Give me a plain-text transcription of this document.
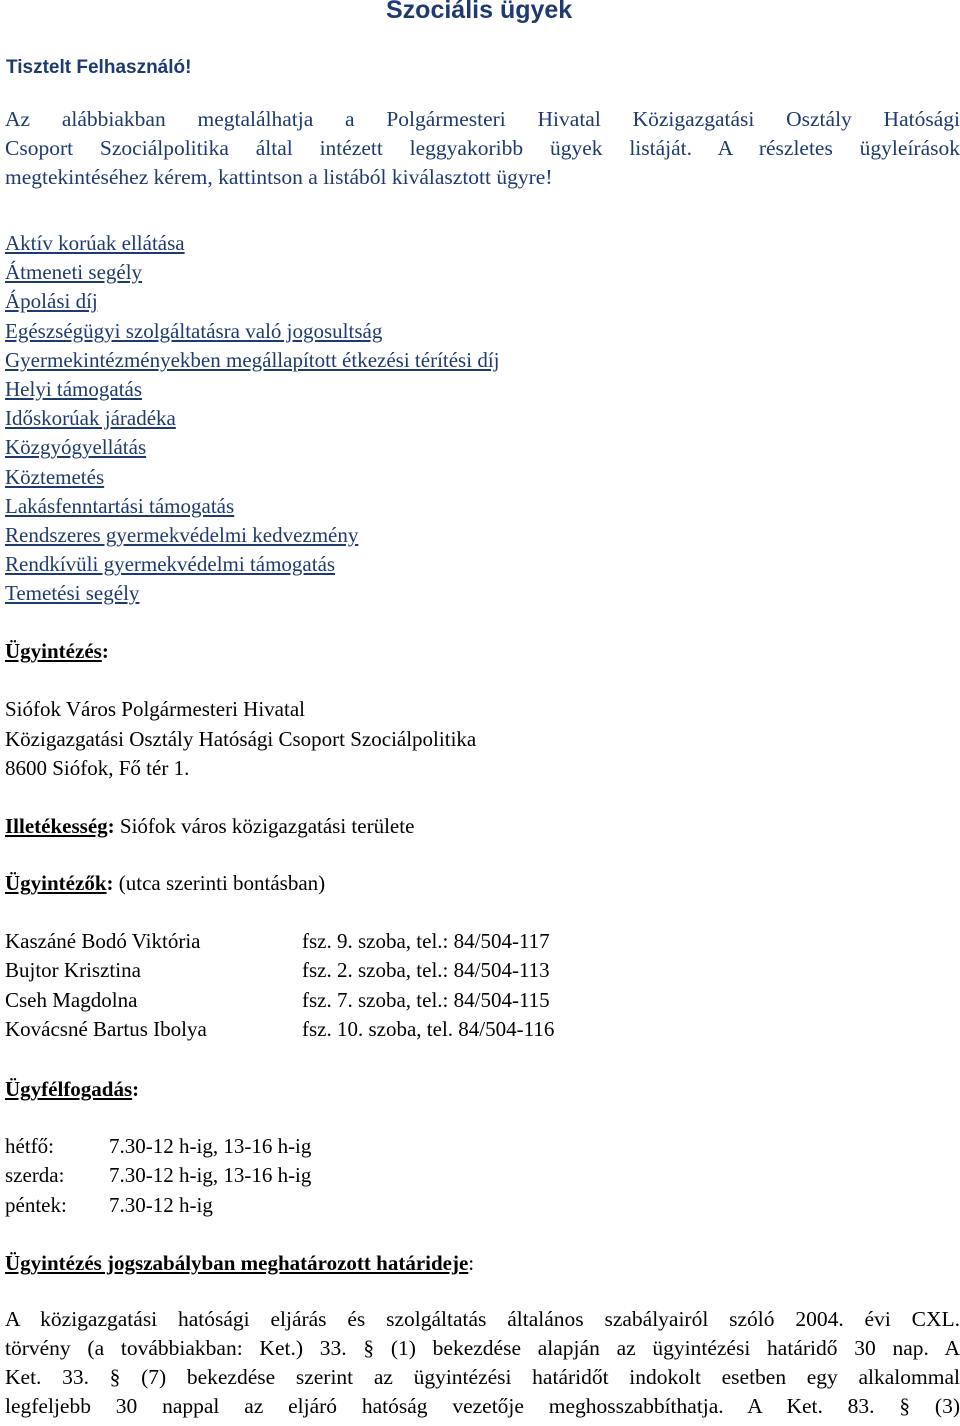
Szociális ügyek
Tisztelt Felhasználó!
Az alábbiakban megtalálhatja a Polgármesteri Hivatal Közigazgatási Osztály Hatósági
Csoport Szociálpolitika által intézett leggyakoribb ügyek listáját. A részletes ügyleírások
megtekintéséhez kérem, kattintson a listából kiválasztott ügyre!
Aktív korúak ellátása
Átmeneti segély
Ápolási díj
Egészségügyi szolgáltatásra való jogosultság
Gyermekintézményekben megállapított étkezési térítési díj
Helyi támogatás
Időskorúak járadéka
Közgyógyellátás
Köztemetés
Lakásfenntartási támogatás
Rendszeres gyermekvédelmi kedvezmény
Rendkívüli gyermekvédelmi támogatás
Temetési segély
Ügyintézés:
Siófok Város Polgármesteri Hivatal
Közigazgatási Osztály Hatósági Csoport Szociálpolitika
8600 Siófok, Fő tér 1.
Illetékesség: Siófok város közigazgatási területe
Ügyintézők: (utca szerinti bontásban)
Kaszáné Bodó Viktória	fsz. 9. szoba, tel.: 84/504-117
Bujtor Krisztina	fsz. 2. szoba, tel.: 84/504-113
Cseh Magdolna	fsz. 7. szoba, tel.: 84/504-115
Kovácsné Bartus Ibolya	fsz. 10. szoba, tel. 84/504-116
Ügyfélfogadás:
hétfő:	7.30-12 h-ig, 13-16 h-ig
szerda: 7.30-12 h-ig, 13-16 h-ig
péntek: 7.30-12 h-ig
Ügyintézés jogszabályban meghatározott határideje:
A közigazgatási hatósági eljárás és szolgáltatás általános szabályairól szóló 2004. évi CXL.
törvény (a továbbiakban: Ket.) 33. § (1) bekezdése alapján az ügyintézési határidő 30 nap. A
Ket. 33. § (7) bekezdése szerint az ügyintézési határidőt indokolt esetben egy alkalommal
legfeljebb 30 nappal az eljáró hatóság vezetője meghosszabbíthatja. A Ket. 83. § (3)
